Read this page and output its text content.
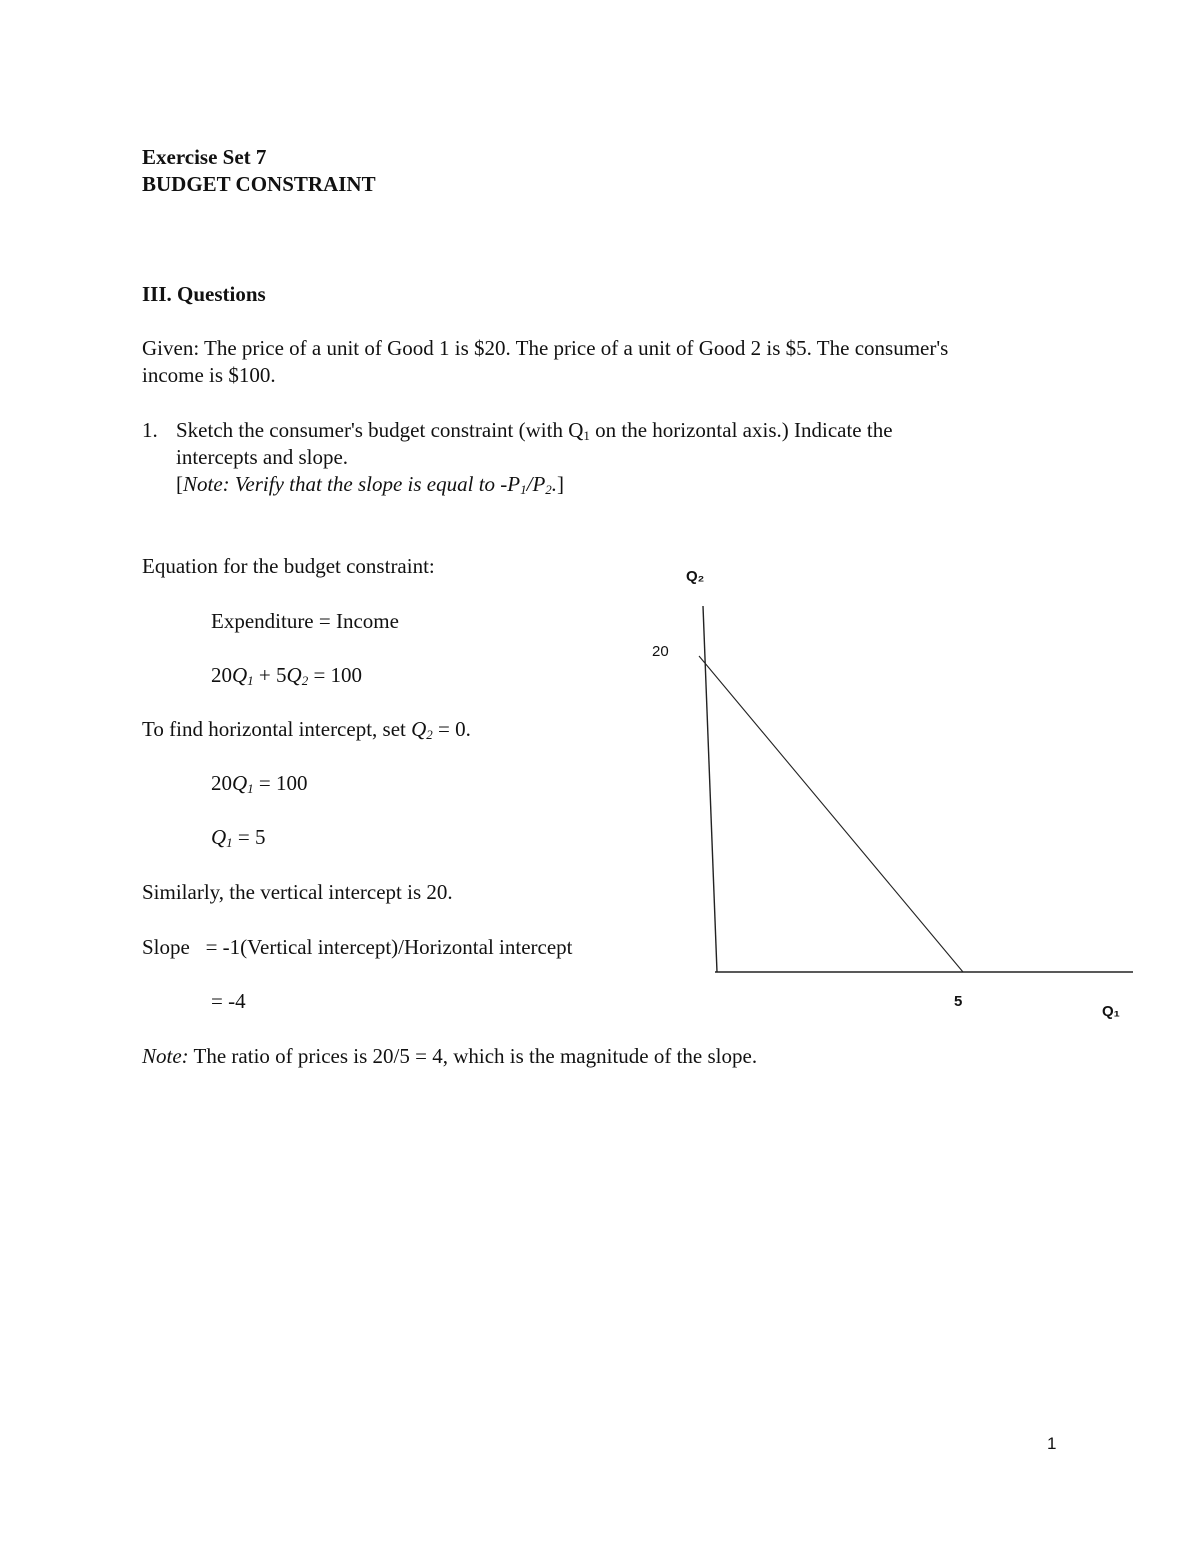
Exercise Set 7
BUDGET CONSTRAINT
III. Questions
Given: The price of a unit of Good 1 is $20. The price of a unit of Good 2 is $5. The consumer's
income is $100.
1. Sketch the consumer's budget constraint (with $Q_1$ on the horizontal axis.) Indicate the
intercepts and slope.
[Note: Verify that the slope is equal to $-P_1/P_2$.]
Equation for the budget constraint:
Expenditure = Income
$20Q_1 + 5Q_2 = 100$
To find horizontal intercept, set $Q_2 = 0$.
$20Q_1 = 100$
$Q_1 = 5$
Similarly, the vertical intercept is 20.
Slope   = -1(Vertical intercept)/Horizontal intercept
= -4
Note: The ratio of prices is 20/5 = 4, which is the magnitude of the slope.
Q₂
Q₁
20
5
1
